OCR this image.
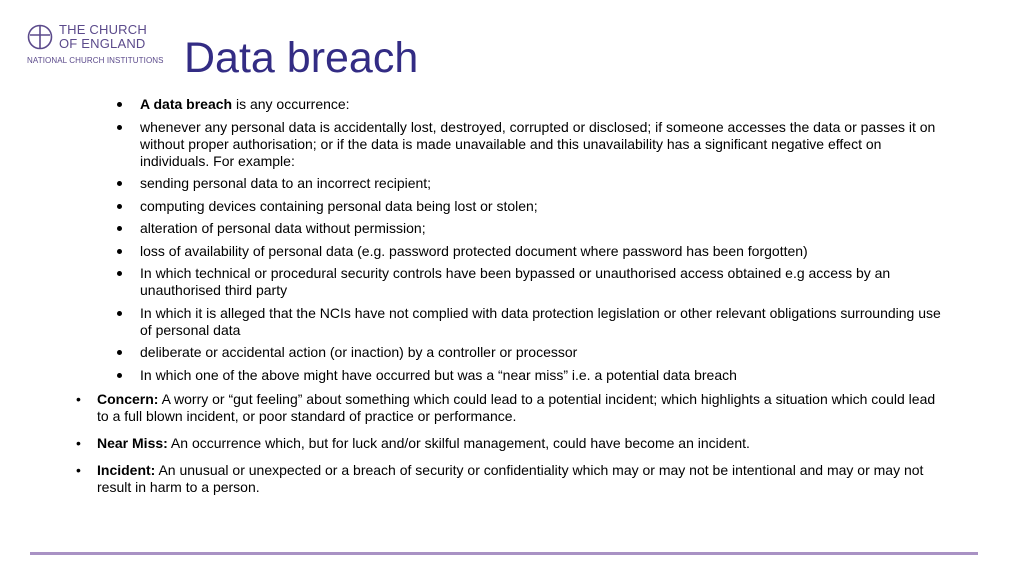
THE CHURCH
OF ENGLAND
NATIONAL CHURCH INSTITUTIONS Data breach
A data breach is any occurrence:
whenever any personal data is accidentally lost, destroyed, corrupted or disclosed; if someone accesses the data or passes it on without proper authorisation; or if the data is made unavailable and this unavailability has a significant negative effect on individuals. For example:
sending personal data to an incorrect recipient;
computing devices containing personal data being lost or stolen;
alteration of personal data without permission;
loss of availability of personal data (e.g. password protected document where password has been forgotten)
In which technical or procedural security controls have been bypassed or unauthorised access obtained e.g access by an unauthorised third party
In which it is alleged that the NCIs have not complied with data protection legislation or other relevant obligations surrounding use of personal data
deliberate or accidental action (or inaction) by a controller or processor
In which one of the above might have occurred but was a “near miss” i.e. a potential data breach
• Concern: A worry or “gut feeling” about something which could lead to a potential incident; which highlights a situation which could lead to a full blown incident, or poor standard of practice or performance.
• Near Miss: An occurrence which, but for luck and/or skilful management, could have become an incident.
• Incident: An unusual or unexpected or a breach of security or confidentiality which may or may not be intentional and may or may not result in harm to a person.
